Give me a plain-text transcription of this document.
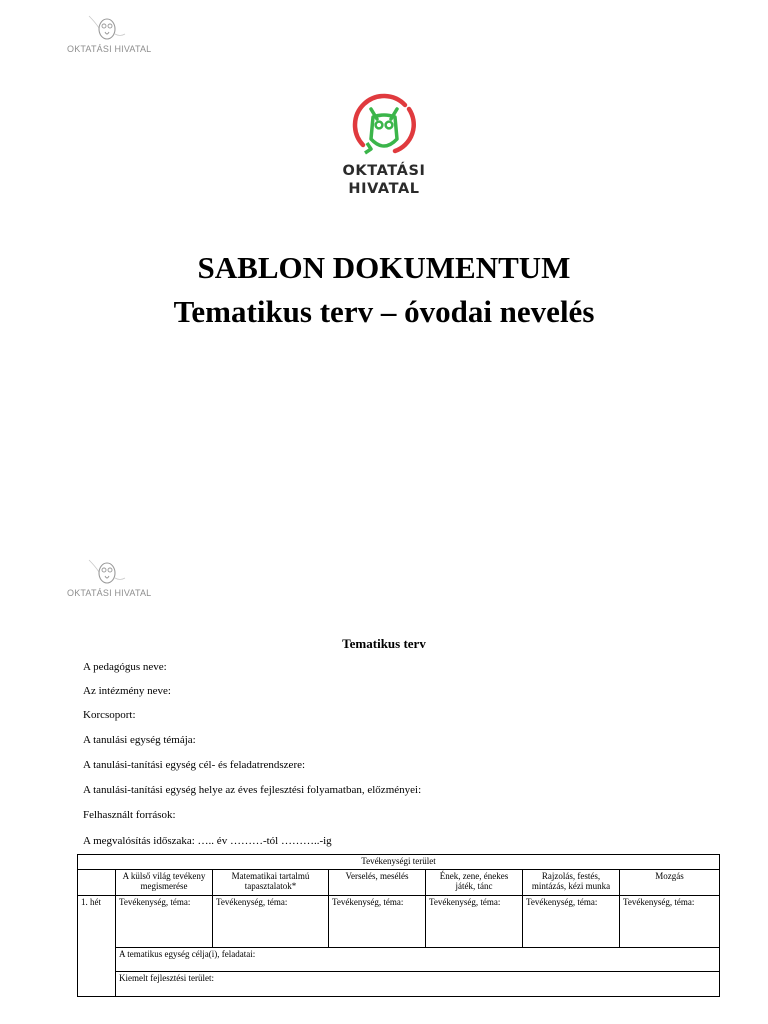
OKTATÁSI HIVATAL
OKTATÁSI
HIVATAL
SABLON DOKUMENTUM
Tematikus terv – óvodai nevelés
OKTATÁSI HIVATAL
Tematikus terv
A pedagógus neve:
Az intézmény neve:
Korcsoport:
A tanulási egység témája:
A tanulási-tanítási egység cél- és feladatrendszere:
A tanulási-tanítási egység helye az éves fejlesztési folyamatban, előzményei:
Felhasznált források:
A megvalósítás időszaka: ….. év ………-tól ………..-ig
Tevékenységi terület						
	A külső világ tevékeny megismerése	Matematikai tartalmú tapasztalatok*	Verselés, mesélés	Ének, zene, énekes játék, tánc	Rajzolás, festés, mintázás, kézi munka	Mozgás
1. hét	Tevékenység, téma:	Tevékenység, téma:	Tevékenység, téma:	Tevékenység, téma:	Tevékenység, téma:	Tevékenység, téma:
	A tematikus egység célja(i), feladatai:					
	Kiemelt fejlesztési terület:					
